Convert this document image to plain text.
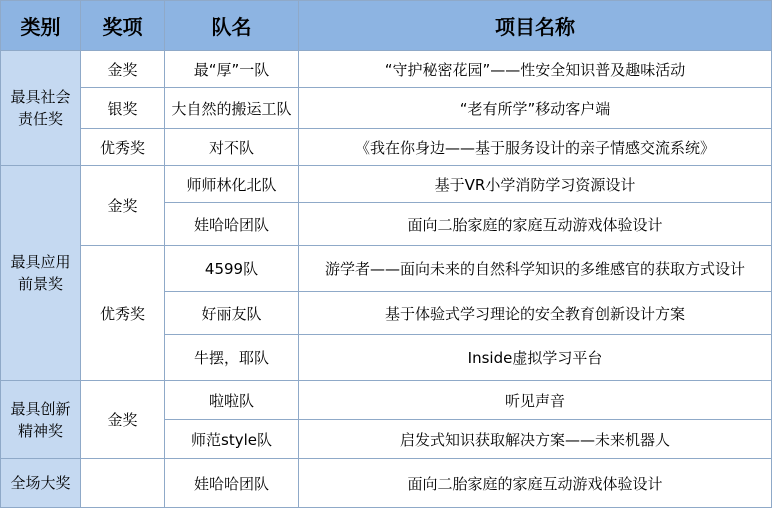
类别	奖项	队名	项目名称
最具社会
责任奖	金奖	最“厚”一队	“守护秘密花园”——性安全知识普及趣味活动
	银奖	大自然的搬运工队	“老有所学”移动客户端
	优秀奖	对不队	《我在你身边——基于服务设计的亲子情感交流系统》
最具应用
前景奖	金奖	师师林化北队	基于VR小学消防学习资源设计
		娃哈哈团队	面向二胎家庭的家庭互动游戏体验设计
	优秀奖	4599队	游学者——面向未来的自然科学知识的多维感官的获取方式设计
		好丽友队	基于体验式学习理论的安全教育创新设计方案
		牛摆，耶队	Inside虚拟学习平台
最具创新
精神奖	金奖	啦啦队	听见声音
		师范style队	启发式知识获取解决方案——未来机器人
全场大奖		娃哈哈团队	面向二胎家庭的家庭互动游戏体验设计
